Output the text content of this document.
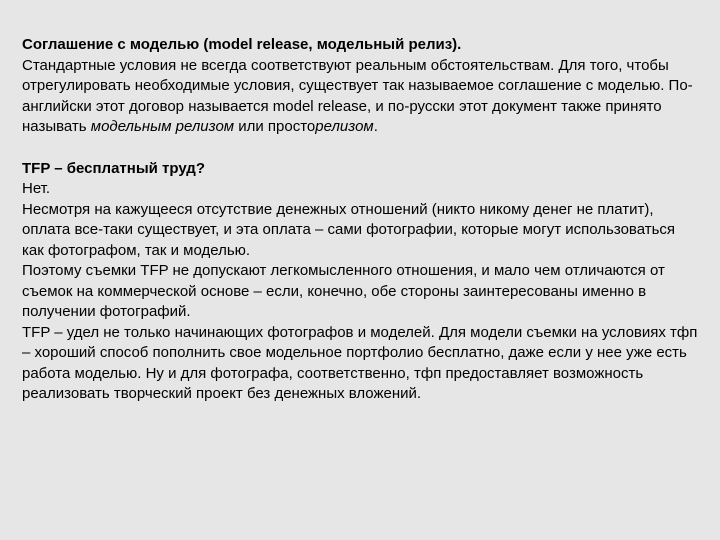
Соглашение с моделью (model release, модельный релиз).

Стандартные условия не всегда соответствуют реальным обстоятельствам. Для того, чтобы отрегулировать необходимые условия, существует так называемое соглашение с моделью. По-английски этот договор называется model release, и по-русски этот документ также принято называть модельным релизом или просторелизом.

TFP – бесплатный труд?

Нет.

Несмотря на кажущееся отсутствие денежных отношений (никто никому денег не платит), оплата все-таки существует, и эта оплата – сами фотографии, которые могут использоваться как фотографом, так и моделью.

Поэтому съемки TFP не допускают легкомысленного отношения, и мало чем отличаются от съемок на коммерческой основе – если, конечно, обе стороны заинтересованы именно в получении фотографий.

TFP – удел не только начинающих фотографов и моделей. Для модели съемки на условиях тфп – хороший способ пополнить свое модельное портфолио бесплатно, даже если у нее уже есть работа моделью. Ну и для фотографа, соответственно, тфп предоставляет возможность реализовать творческий проект без денежных вложений.
